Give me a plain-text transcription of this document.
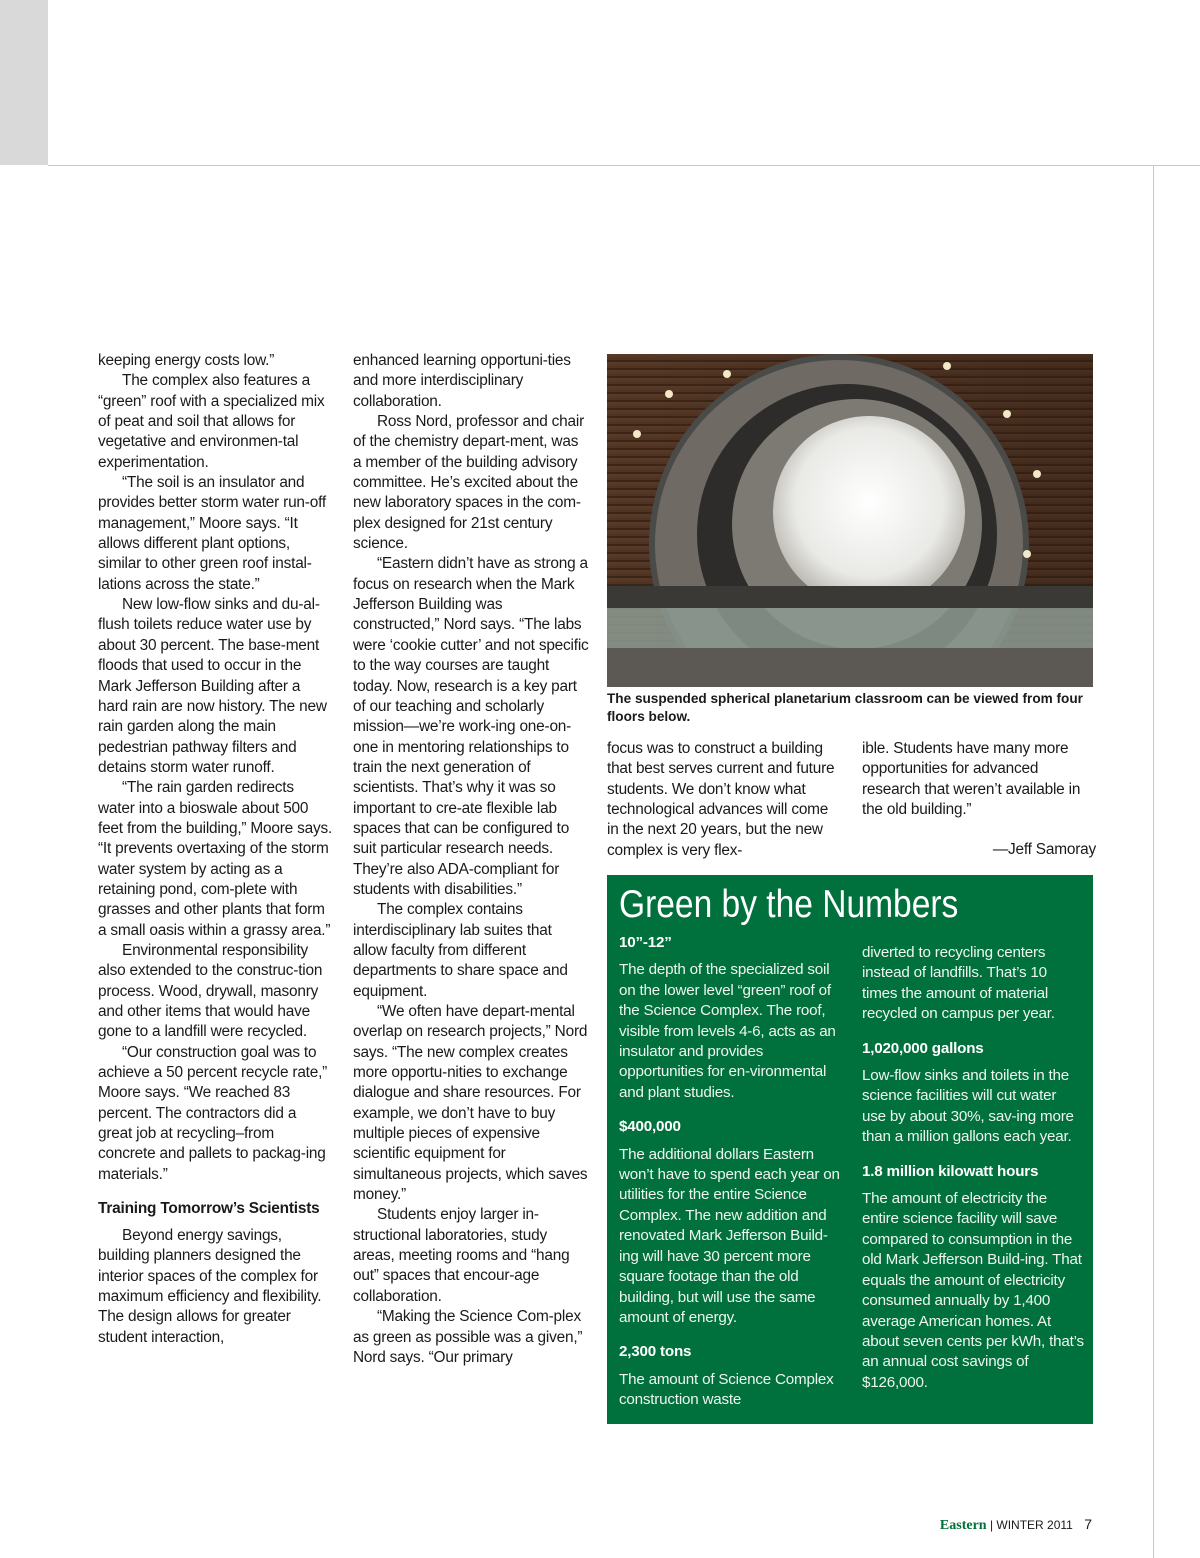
keeping energy costs low.”

The complex also features a “green” roof with a specialized mix of peat and soil that allows for vegetative and environmen-tal experimentation.

“The soil is an insulator and provides better storm water run-off management,” Moore says. “It allows different plant options, similar to other green roof instal-lations across the state.”

New low-flow sinks and du-al-flush toilets reduce water use by about 30 percent. The base-ment floods that used to occur in the Mark Jefferson Building after a hard rain are now history. The new rain garden along the main pedestrian pathway filters and detains storm water runoff.

“The rain garden redirects water into a bioswale about 500 feet from the building,” Moore says. “It prevents overtaxing of the storm water system by acting as a retaining pond, com-plete with grasses and other plants that form a small oasis within a grassy area.”

Environmental responsibility also extended to the construc-tion process. Wood, drywall, masonry and other items that would have gone to a landfill were recycled.

“Our construction goal was to achieve a 50 percent recycle rate,” Moore says. “We reached 83 percent. The contractors did a great job at recycling–from concrete and pallets to packag-ing materials.”

Training Tomorrow’s Scientists

Beyond energy savings, building planners designed the interior spaces of the complex for maximum efficiency and flexibility. The design allows for greater student interaction,

enhanced learning opportuni-ties and more interdisciplinary collaboration.

Ross Nord, professor and chair of the chemistry depart-ment, was a member of the building advisory committee. He’s excited about the new laboratory spaces in the com-plex designed for 21st century science.

“Eastern didn’t have as strong a focus on research when the Mark Jefferson Building was constructed,” Nord says. “The labs were ‘cookie cutter’ and not specific to the way courses are taught today. Now, research is a key part of our teaching and scholarly mission—we’re work-ing one-on-one in mentoring relationships to train the next generation of scientists. That’s why it was so important to cre-ate flexible lab spaces that can be configured to suit particular research needs. They’re also ADA-compliant for students with disabilities.”

The complex contains interdisciplinary lab suites that allow faculty from different departments to share space and equipment.

“We often have depart-mental overlap on research projects,” Nord says. “The new complex creates more opportu-nities to exchange dialogue and share resources. For example, we don’t have to buy multiple pieces of expensive scientific equipment for simultaneous projects, which saves money.”

Students enjoy larger in-structional laboratories, study areas, meeting rooms and “hang out” spaces that encour-age collaboration.

“Making the Science Com-plex as green as possible was a given,” Nord says. “Our primary

The suspended spherical planetarium classroom can be viewed from four floors below.

focus was to construct a building that best serves current and future students. We don’t know what technological advances will come in the next 20 years, but the new complex is very flex-

ible. Students have many more opportunities for advanced research that weren’t available in the old building.”

—Jeff Samoray

Green by the Numbers
10”-12”
The depth of the specialized soil on the lower level “green” roof of the Science Complex. The roof, visible from levels 4-6, acts as an insulator and provides opportunities for en-vironmental and plant studies.
$400,000
The additional dollars Eastern won’t have to spend each year on utilities for the entire Science Complex. The new addition and renovated Mark Jefferson Build-ing will have 30 percent more square footage than the old building, but will use the same amount of energy.
2,300 tons
The amount of Science Complex construction waste
diverted to recycling centers instead of landfills. That’s 10 times the amount of material recycled on campus per year.
1,020,000 gallons
Low-flow sinks and toilets in the science facilities will cut water use by about 30%, sav-ing more than a million gallons each year.
1.8 million kilowatt hours
The amount of electricity the entire science facility will save compared to consumption in the old Mark Jefferson Build-ing. That equals the amount of electricity consumed annually by 1,400 average American homes. At about seven cents per kWh, that’s an annual cost savings of $126,000.
Eastern | WINTER 2011 7
